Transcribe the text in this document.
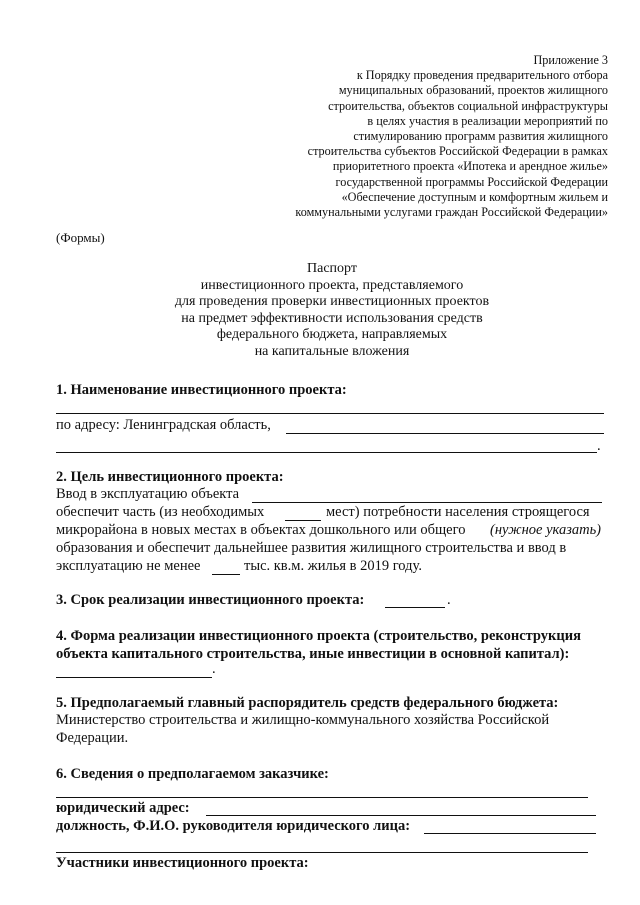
Приложение 3
к Порядку проведения предварительного отбора
муниципальных образований, проектов жилищного
строительства, объектов социальной инфраструктуры
в целях участия в реализации мероприятий по
стимулированию программ развития жилищного
строительства субъектов Российской Федерации в рамках
приоритетного проекта «Ипотека и арендное жилье»
государственной программы Российской Федерации
«Обеспечение доступным и комфортным жильем и
коммунальными услугами граждан Российской Федерации»
(Формы)
Паспорт
инвестиционного проекта, представляемого
для проведения проверки инвестиционных проектов
на предмет эффективности использования средств
федерального бюджета, направляемых
на капитальные вложения
1. Наименование инвестиционного проекта:
по адресу: Ленинградская область,
.
2. Цель инвестиционного проекта:
Ввод в эксплуатацию объекта
обеспечит часть (из необходимых	мест) потребности населения строящегося
микрорайона в новых местах в объектах дошкольного или общего (нужное указать)
образования и обеспечит дальнейшее развития жилищного строительства и ввод в
эксплуатацию не менее	тыс. кв.м. жилья в 2019 году.
3. Срок реализации инвестиционного проекта:	.
4. Форма реализации инвестиционного проекта (строительство, реконструкция
объекта капитального строительства, иные инвестиции в основной капитал):
.
5. Предполагаемый главный распорядитель средств федерального бюджета:
Министерство строительства и жилищно-коммунального хозяйства Российской
Федерации.
6. Сведения о предполагаемом заказчике:
юридический адрес:
должность, Ф.И.О. руководителя юридического лица:
Участники инвестиционного проекта:
